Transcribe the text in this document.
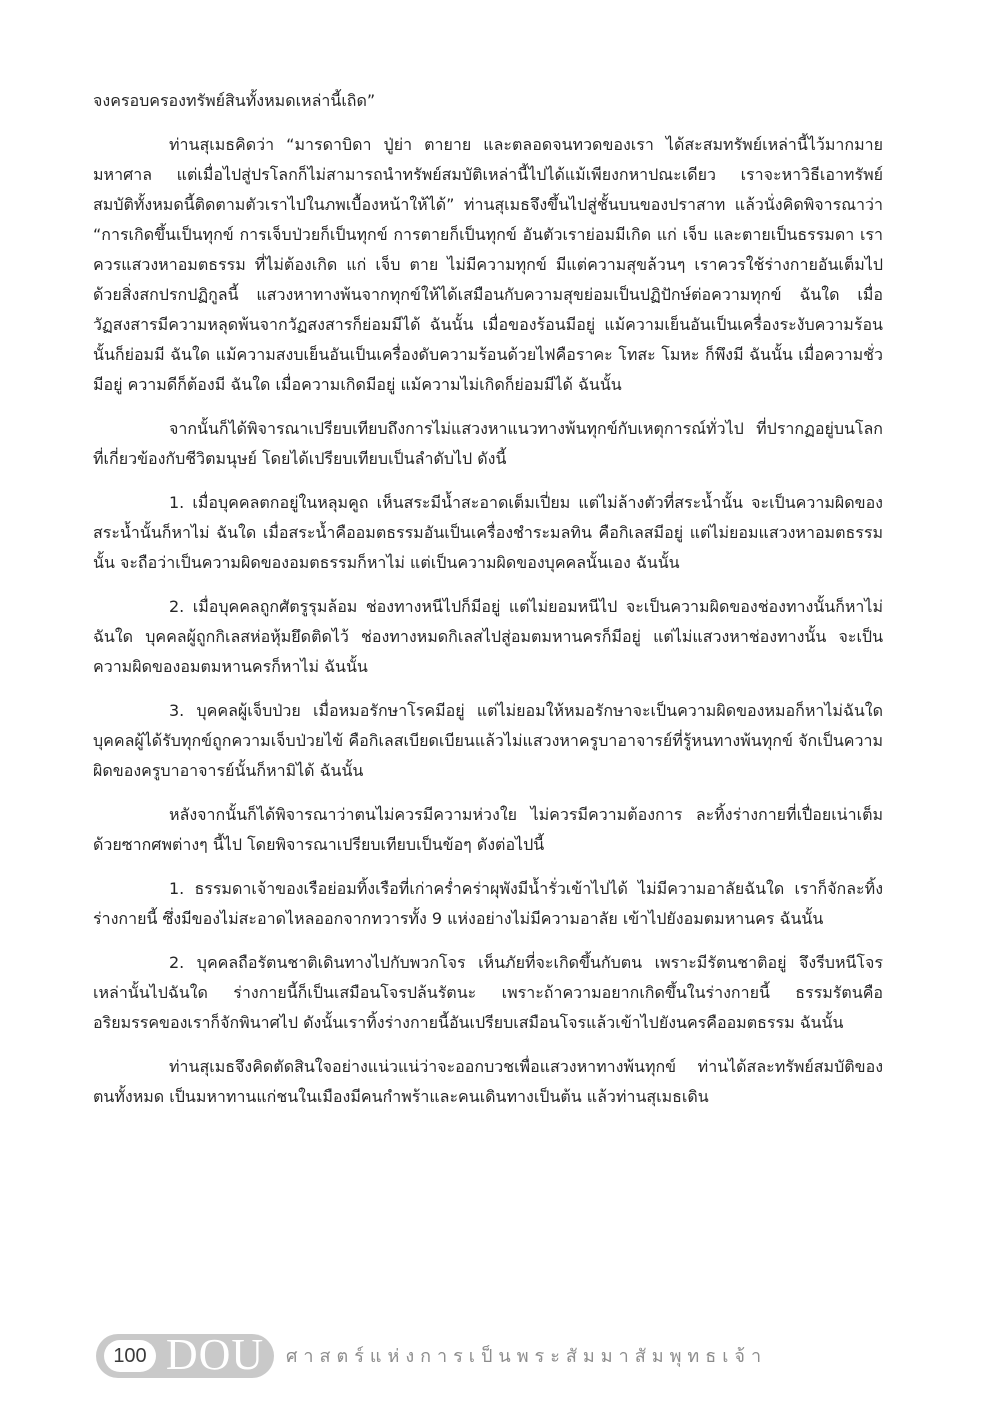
จงครอบครองทรัพย์สินทั้งหมดเหล่านี้เถิด”

ท่านสุเมธคิดว่า “มารดาบิดา ปู่ย่า ตายาย และตลอดจนทวดของเรา ได้สะสมทรัพย์เหล่านี้ไว้มากมายมหาศาล แต่เมื่อไปสู่ปรโลกก็ไม่สามารถนำทรัพย์สมบัติเหล่านี้ไปได้แม้เพียงกหาปณะเดียว เราจะหาวิธีเอาทรัพย์สมบัติทั้งหมดนี้ติดตามตัวเราไปในภพเบื้องหน้าให้ได้” ท่านสุเมธจึงขึ้นไปสู่ชั้นบนของปราสาท แล้วนั่งคิดพิจารณาว่า “การเกิดขึ้นเป็นทุกข์ การเจ็บป่วยก็เป็นทุกข์ การตายก็เป็นทุกข์ อันตัวเราย่อมมีเกิด แก่ เจ็บ และตายเป็นธรรมดา เราควรแสวงหาอมตธรรม ที่ไม่ต้องเกิด แก่ เจ็บ ตาย ไม่มีความทุกข์ มีแต่ความสุขล้วนๆ เราควรใช้ร่างกายอันเต็มไปด้วยสิ่งสกปรกปฏิกูลนี้ แสวงหาทางพ้นจากทุกข์ให้ได้เสมือนกับความสุขย่อมเป็นปฏิปักษ์ต่อความทุกข์ ฉันใด เมื่อวัฏสงสารมีความหลุดพ้นจากวัฏสงสารก็ย่อมมีได้ ฉันนั้น เมื่อของร้อนมีอยู่ แม้ความเย็นอันเป็นเครื่องระงับความร้อนนั้นก็ย่อมมี ฉันใด แม้ความสงบเย็นอันเป็นเครื่องดับความร้อนด้วยไฟคือราคะ โทสะ โมหะ ก็พึงมี ฉันนั้น เมื่อความชั่วมีอยู่ ความดีก็ต้องมี ฉันใด เมื่อความเกิดมีอยู่ แม้ความไม่เกิดก็ย่อมมีได้ ฉันนั้น

จากนั้นก็ได้พิจารณาเปรียบเทียบถึงการไม่แสวงหาแนวทางพ้นทุกข์กับเหตุการณ์ทั่วไป ที่ปรากฏอยู่บนโลกที่เกี่ยวข้องกับชีวิตมนุษย์ โดยได้เปรียบเทียบเป็นลำดับไป ดังนี้

1. เมื่อบุคคลตกอยู่ในหลุมคูถ เห็นสระมีน้ำสะอาดเต็มเปี่ยม แต่ไม่ล้างตัวที่สระน้ำนั้น จะเป็นความผิดของสระน้ำนั้นก็หาไม่ ฉันใด เมื่อสระน้ำคืออมตธรรมอันเป็นเครื่องชำระมลทิน คือกิเลสมีอยู่ แต่ไม่ยอมแสวงหาอมตธรรมนั้น จะถือว่าเป็นความผิดของอมตธรรมก็หาไม่ แต่เป็นความผิดของบุคคลนั้นเอง ฉันนั้น

2. เมื่อบุคคลถูกศัตรูรุมล้อม ช่องทางหนีไปก็มีอยู่ แต่ไม่ยอมหนีไป จะเป็นความผิดของช่องทางนั้นก็หาไม่ ฉันใด บุคคลผู้ถูกกิเลสห่อหุ้มยึดติดไว้ ช่องทางหมดกิเลสไปสู่อมตมหานครก็มีอยู่ แต่ไม่แสวงหาช่องทางนั้น จะเป็นความผิดของอมตมหานครก็หาไม่ ฉันนั้น

3. บุคคลผู้เจ็บป่วย เมื่อหมอรักษาโรคมีอยู่ แต่ไม่ยอมให้หมอรักษาจะเป็นความผิดของหมอก็หาไม่ฉันใด บุคคลผู้ได้รับทุกข์ถูกความเจ็บป่วยไข้ คือกิเลสเบียดเบียนแล้วไม่แสวงหาครูบาอาจารย์ที่รู้หนทางพ้นทุกข์ จักเป็นความผิดของครูบาอาจารย์นั้นก็หามิได้ ฉันนั้น

หลังจากนั้นก็ได้พิจารณาว่าตนไม่ควรมีความห่วงใย ไม่ควรมีความต้องการ ละทิ้งร่างกายที่เปื่อยเน่าเต็มด้วยซากศพต่างๆ นี้ไป โดยพิจารณาเปรียบเทียบเป็นข้อๆ ดังต่อไปนี้

1. ธรรมดาเจ้าของเรือย่อมทิ้งเรือที่เก่าคร่ำคร่าผุพังมีน้ำรั่วเข้าไปได้ ไม่มีความอาลัยฉันใด เราก็จักละทิ้งร่างกายนี้ ซึ่งมีของไม่สะอาดไหลออกจากทวารทั้ง 9 แห่งอย่างไม่มีความอาลัย เข้าไปยังอมตมหานคร ฉันนั้น

2. บุคคลถือรัตนชาติเดินทางไปกับพวกโจร เห็นภัยที่จะเกิดขึ้นกับตน เพราะมีรัตนชาติอยู่ จึงรีบหนีโจรเหล่านั้นไปฉันใด ร่างกายนี้ก็เป็นเสมือนโจรปล้นรัตนะ เพราะถ้าความอยากเกิดขึ้นในร่างกายนี้ ธรรมรัตนคืออริยมรรคของเราก็จักพินาศไป ดังนั้นเราทิ้งร่างกายนี้อันเปรียบเสมือนโจรแล้วเข้าไปยังนครคืออมตธรรม ฉันนั้น

ท่านสุเมธจึงคิดตัดสินใจอย่างแน่วแน่ว่าจะออกบวชเพื่อแสวงหาทางพ้นทุกข์ ท่านได้สละทรัพย์สมบัติของตนทั้งหมด เป็นมหาทานแก่ชนในเมืองมีคนกำพร้าและคนเดินทางเป็นต้น แล้วท่านสุเมธเดิน

100 DOU	ศาสตร์แห่งการเป็นพระสัมมาสัมพุทธเจ้า
